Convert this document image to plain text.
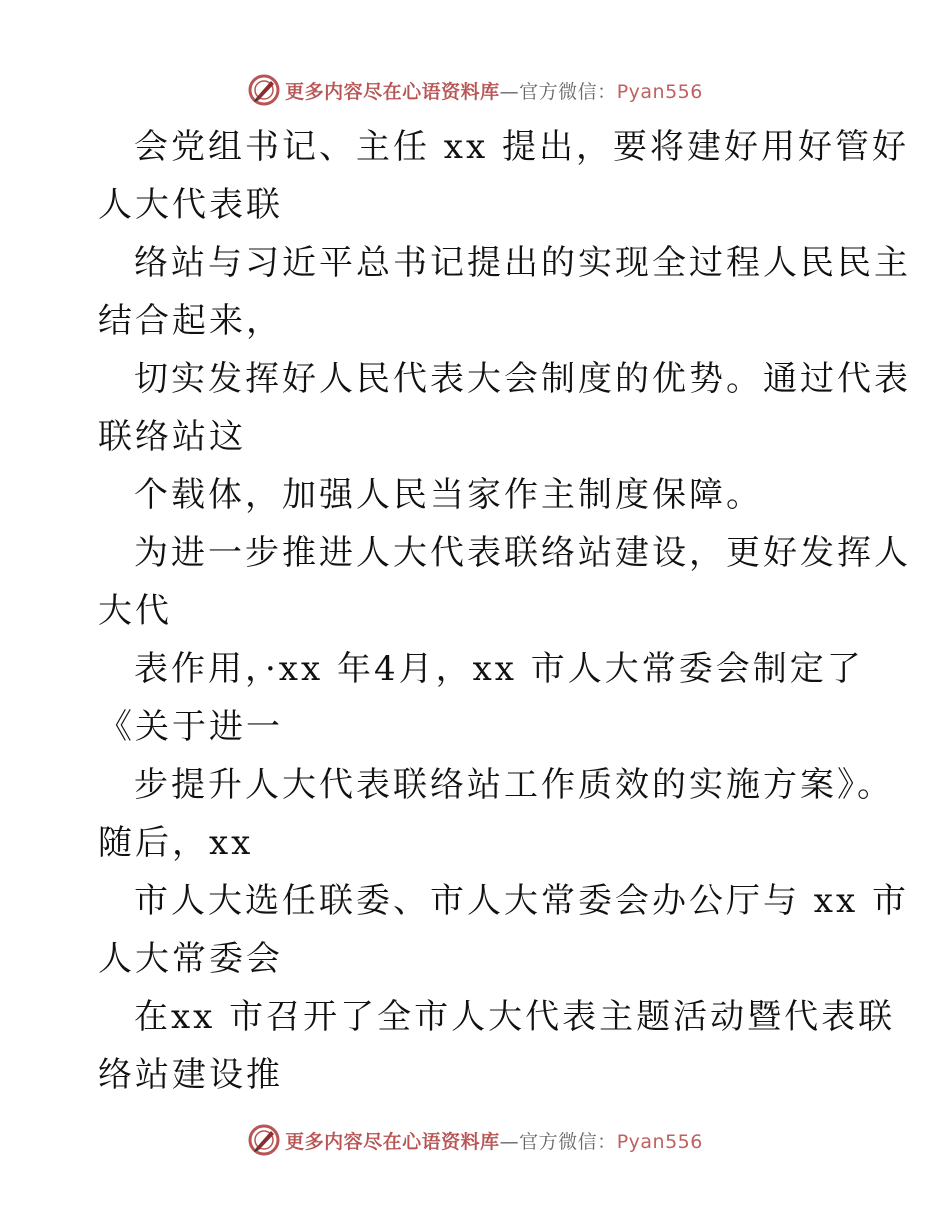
更多内容尽在心语资料库—官方微信：Pyan556
会党组书记、主任 xx 提出，要将建好用好管好
人大代表联
络站与习近平总书记提出的实现全过程人民民主
结合起来，
切实发挥好人民代表大会制度的优势。通过代表
联络站这
个载体，加强人民当家作主制度保障。
为进一步推进人大代表联络站建设，更好发挥人
大代
表作用，·xx 年4月，xx 市人大常委会制定了
《关于进一
步提升人大代表联络站工作质效的实施方案》。
随后，xx
市人大选任联委、市人大常委会办公厅与 xx 市
人大常委会
在xx 市召开了全市人大代表主题活动暨代表联
络站建设推
更多内容尽在心语资料库—官方微信：Pyan556
